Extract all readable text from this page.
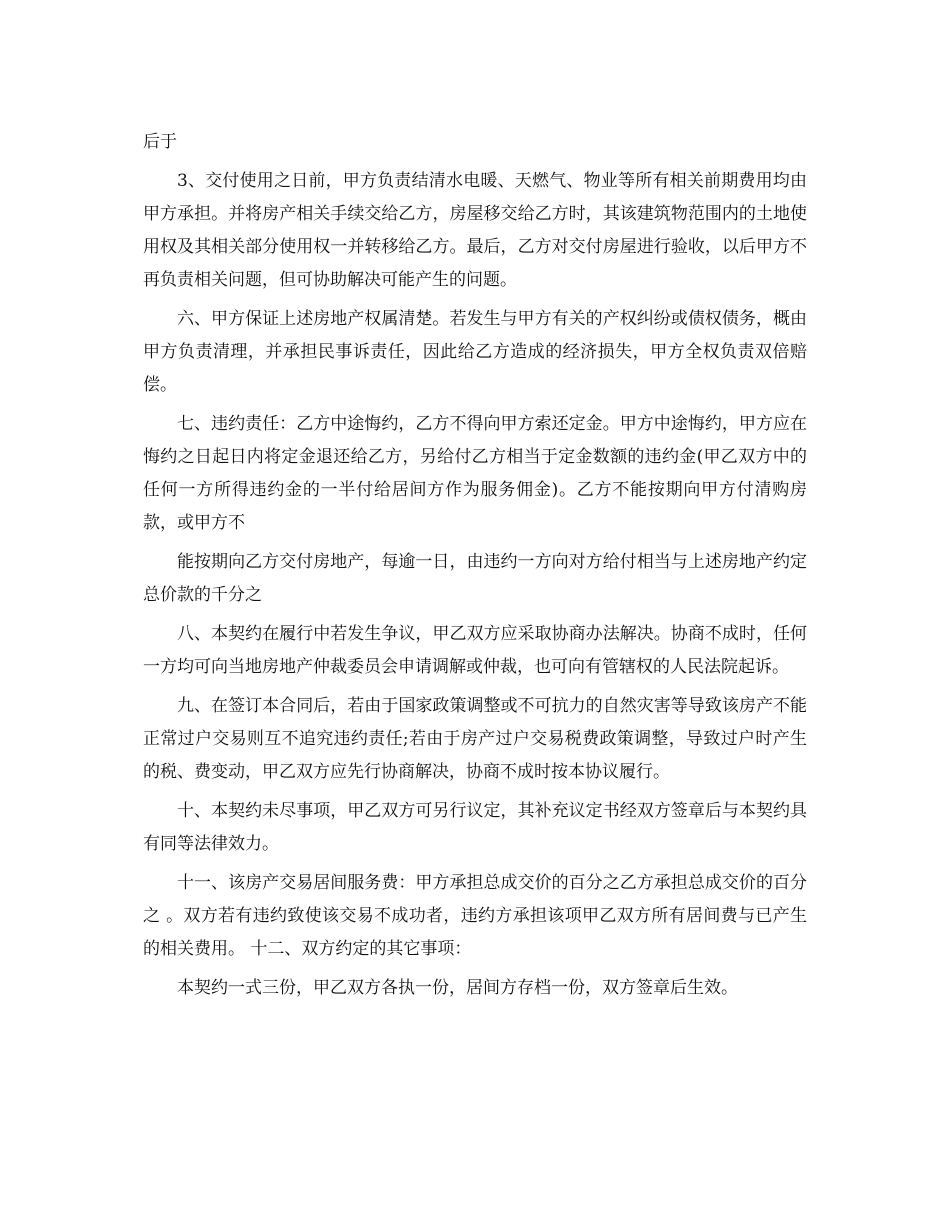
后于

3、交付使用之日前，甲方负责结清水电暖、天燃气、物业等所有相关前期费用均由甲方承担。并将房产相关手续交给乙方，房屋移交给乙方时，其该建筑物范围内的土地使用权及其相关部分使用权一并转移给乙方。最后，乙方对交付房屋进行验收，以后甲方不再负责相关问题，但可协助解决可能产生的问题。

六、甲方保证上述房地产权属清楚。若发生与甲方有关的产权纠纷或债权债务，概由甲方负责清理，并承担民事诉责任，因此给乙方造成的经济损失，甲方全权负责双倍赔偿。

七、违约责任：乙方中途悔约，乙方不得向甲方索还定金。甲方中途悔约，甲方应在悔约之日起日内将定金退还给乙方，另给付乙方相当于定金数额的违约金(甲乙双方中的任何一方所得违约金的一半付给居间方作为服务佣金)。乙方不能按期向甲方付清购房款，或甲方不

能按期向乙方交付房地产，每逾一日，由违约一方向对方给付相当与上述房地产约定总价款的千分之

八、本契约在履行中若发生争议，甲乙双方应采取协商办法解决。协商不成时，任何一方均可向当地房地产仲裁委员会申请调解或仲裁，也可向有管辖权的人民法院起诉。

九、在签订本合同后，若由于国家政策调整或不可抗力的自然灾害等导致该房产不能正常过户交易则互不追究违约责任;若由于房产过户交易税费政策调整，导致过户时产生的税、费变动，甲乙双方应先行协商解决，协商不成时按本协议履行。

十、本契约未尽事项，甲乙双方可另行议定，其补充议定书经双方签章后与本契约具有同等法律效力。

十一、该房产交易居间服务费：甲方承担总成交价的百分之乙方承担总成交价的百分之 。双方若有违约致使该交易不成功者，违约方承担该项甲乙双方所有居间费与已产生的相关费用。 十二、双方约定的其它事项：

本契约一式三份，甲乙双方各执一份，居间方存档一份，双方签章后生效。
